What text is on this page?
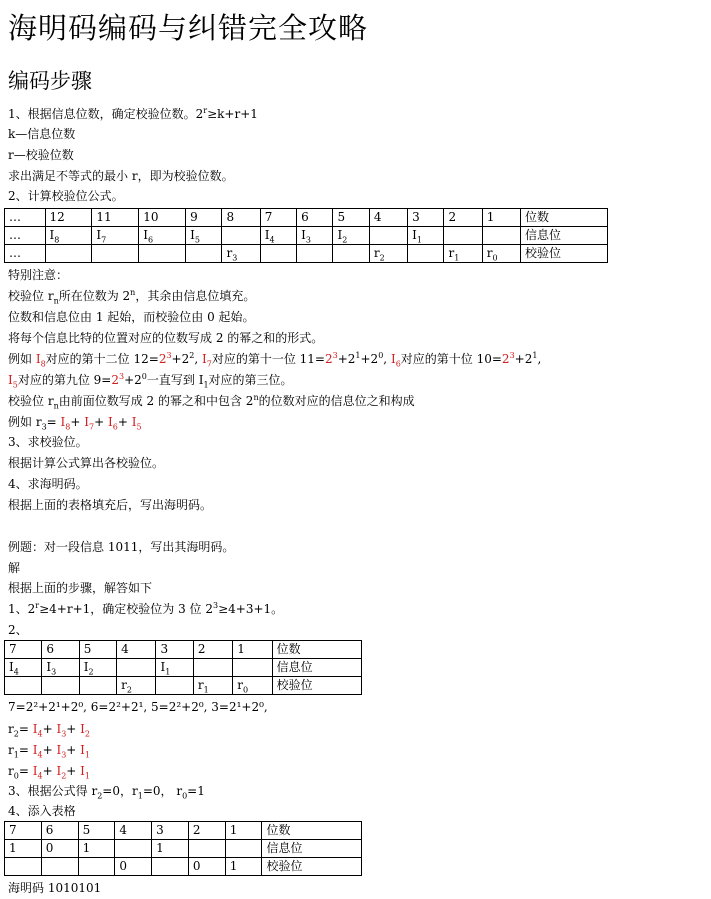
海明码编码与纠错完全攻略
编码步骤
1、根据信息位数，确定校验位数。$2^r\ge k+r+1$
k—信息位数
r—校验位数
求出满足不等式的最小 r，即为校验位数。
2、计算校验位公式。
…	12	11	10	9	8	7	6	5	4	3	2	1	位数
…	$I_8$	$I_7$	$I_6$	$I_5$		$I_4$	$I_3$	$I_2$		$I_1$			信息位
…					$r_3$				$r_2$		$r_1$	$r_0$	校验位
特别注意：
校验位 $r_n$所在位数为 2$^n$，其余由信息位填充。
位数和信息位由 1 起始，而校验位由 0 起始。
将每个信息比特的位置对应的位数写成 2 的幂之和的形式。
例如 $I_8$对应的第十二位 $12=2^3+2^2$, $I_7$对应的第十一位 $11=2^3+2^1+2^0$, $I_6$对应的第十位 $10=2^3+2^1$,
$I_5$对应的第九位 $9=2^3+2^0$一直写到 $I_1$对应的第三位。
校验位 $r_n$由前面位数写成 2 的幂之和中包含 2$^n$的位数对应的信息位之和构成
例如 $r_3= I_8+ I_7+ I_6+ I_5$
3、求校验位。
根据计算公式算出各校验位。
4、求海明码。
根据上面的表格填充后，写出海明码。
例题：对一段信息 1011，写出其海明码。
解
根据上面的步骤，解答如下
1、$2^r\ge 4+r+1$，确定校验位为 3 位 $2^3\ge 4+3+1$。
2、
7	6	5	4	3	2	1	位数
$I_4$	$I_3$	$I_2$		$I_1$			信息位
			$r_2$		$r_1$	$r_0$	校验位
7=2²+2¹+2⁰, 6=2²+2¹, 5=2²+2⁰, 3=2¹+2⁰,
$r_2= I_4+ I_3+ I_2$
$r_1= I_4+ I_3+ I_1$
$r_0= I_4+ I_2+ I_1$
3、根据公式得 $r_2=0$，$r_1=0$， $r_0=1$
4、添入表格
7	6	5	4	3	2	1	位数
1	0	1		1			信息位
			0		0	1	校验位
海明码 1010101
